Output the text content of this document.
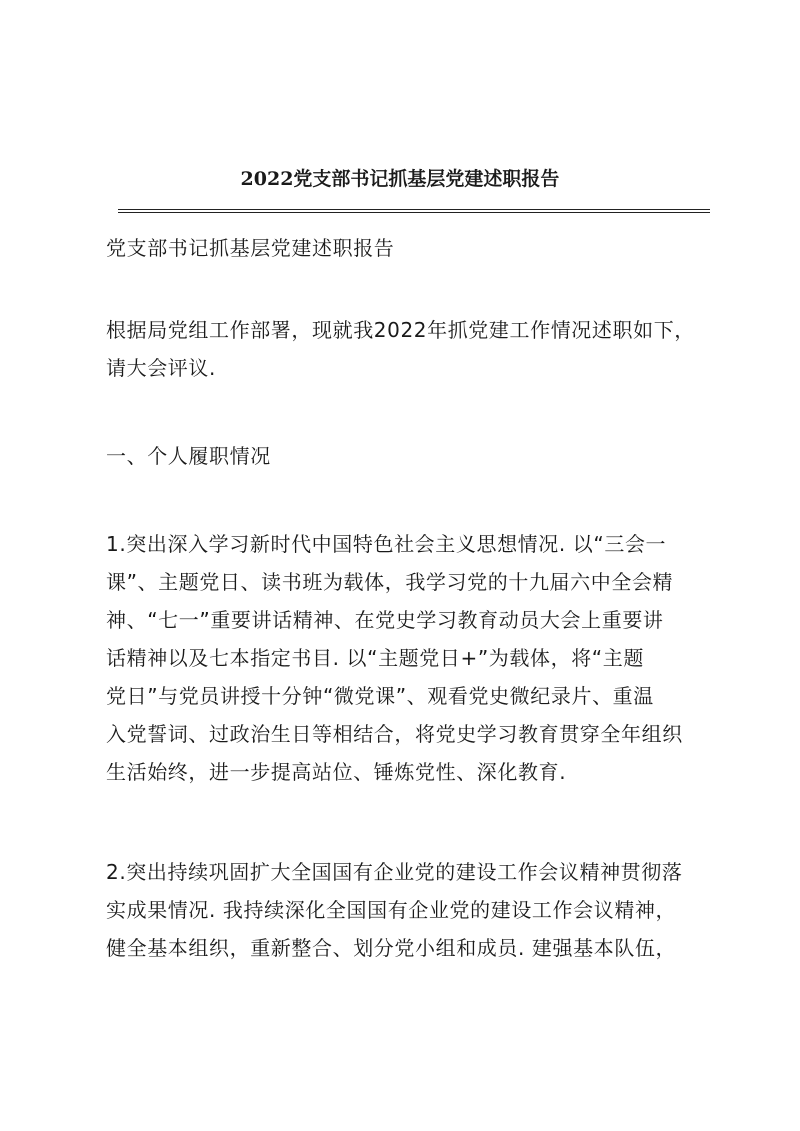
2022党支部书记抓基层党建述职报告
党支部书记抓基层党建述职报告
根据局党组工作部署，现就我2022年抓党建工作情况述职如下，
请大会评议.
一、个人履职情况
1.突出深入学习新时代中国特色社会主义思想情况. 以“三会一
课”、主题党日、读书班为载体，我学习党的十九届六中全会精
神、“七一”重要讲话精神、在党史学习教育动员大会上重要讲
话精神以及七本指定书目. 以“主题党日+”为载体，将“主题
党日”与党员讲授十分钟“微党课”、观看党史微纪录片、重温
入党誓词、过政治生日等相结合，将党史学习教育贯穿全年组织
生活始终，进一步提高站位、锤炼党性、深化教育.
2.突出持续巩固扩大全国国有企业党的建设工作会议精神贯彻落
实成果情况. 我持续深化全国国有企业党的建设工作会议精神，
健全基本组织，重新整合、划分党小组和成员. 建强基本队伍，
